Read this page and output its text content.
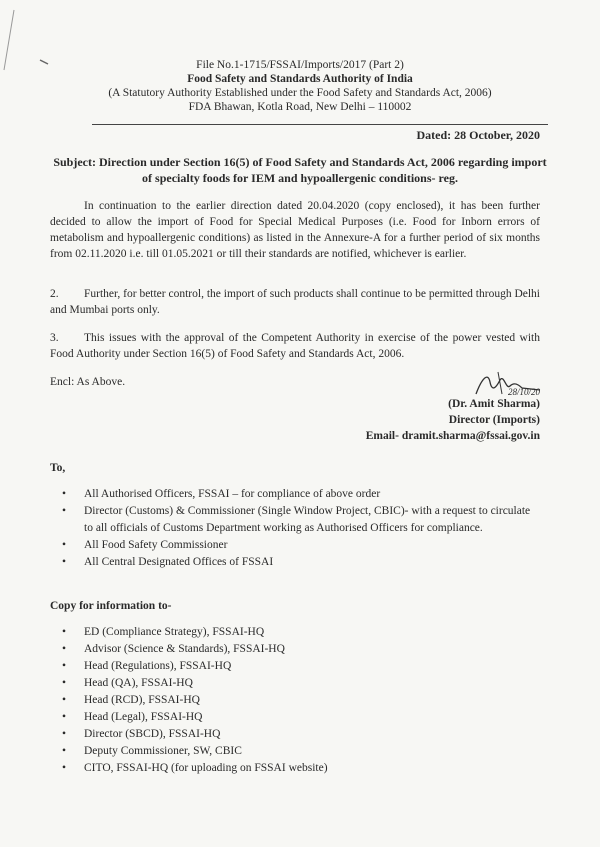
File No.1-1715/FSSAI/Imports/2017 (Part 2)
Food Safety and Standards Authority of India
(A Statutory Authority Established under the Food Safety and Standards Act, 2006)
FDA Bhawan, Kotla Road, New Delhi – 110002
Dated: 28 October, 2020
Subject: Direction under Section 16(5) of Food Safety and Standards Act, 2006 regarding import of specialty foods for IEM and hypoallergenic conditions- reg.
In continuation to the earlier direction dated 20.04.2020 (copy enclosed), it has been further decided to allow the import of Food for Special Medical Purposes (i.e. Food for Inborn errors of metabolism and hypoallergenic conditions) as listed in the Annexure-A for a further period of six months from 02.11.2020 i.e. till 01.05.2021 or till their standards are notified, whichever is earlier.
2. Further, for better control, the import of such products shall continue to be permitted through Delhi and Mumbai ports only.
3. This issues with the approval of the Competent Authority in exercise of the power vested with Food Authority under Section 16(5) of Food Safety and Standards Act, 2006.
Encl: As Above.
28/10/20
(Dr. Amit Sharma)
Director (Imports)
Email- dramit.sharma@fssai.gov.in
To,
• All Authorised Officers, FSSAI – for compliance of above order
• Director (Customs) & Commissioner (Single Window Project, CBIC)- with a request to circulate to all officials of Customs Department working as Authorised Officers for compliance.
• All Food Safety Commissioner
• All Central Designated Offices of FSSAI
Copy for information to-
• ED (Compliance Strategy), FSSAI-HQ
• Advisor (Science & Standards), FSSAI-HQ
• Head (Regulations), FSSAI-HQ
• Head (QA), FSSAI-HQ
• Head (RCD), FSSAI-HQ
• Head (Legal), FSSAI-HQ
• Director (SBCD), FSSAI-HQ
• Deputy Commissioner, SW, CBIC
• CITO, FSSAI-HQ (for uploading on FSSAI website)
